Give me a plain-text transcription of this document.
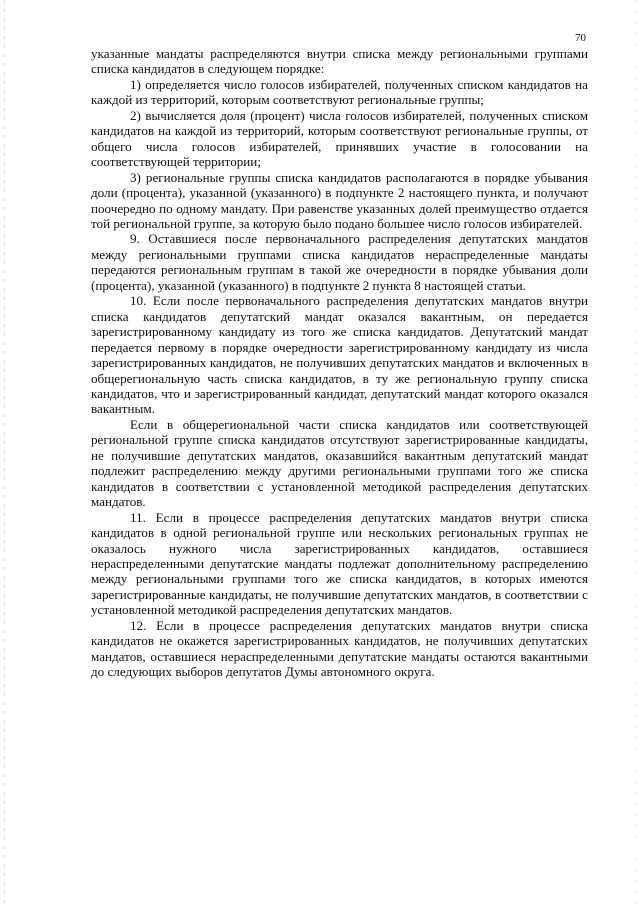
70

указанные мандаты распределяются внутри списка между региональными группами списка кандидатов в следующем порядке:

1) определяется число голосов избирателей, полученных списком кандидатов на каждой из территорий, которым соответствуют региональные группы;

2) вычисляется доля (процент) числа голосов избирателей, полученных списком кандидатов на каждой из территорий, которым соответствуют региональные группы, от общего числа голосов избирателей, принявших участие в голосовании на соответствующей территории;

3) региональные группы списка кандидатов располагаются в порядке убывания доли (процента), указанной (указанного) в подпункте 2 настоящего пункта, и получают поочередно по одному мандату. При равенстве указанных долей преимущество отдается той региональной группе, за которую было подано большее число голосов избирателей.

9. Оставшиеся после первоначального распределения депутатских мандатов между региональными группами списка кандидатов нераспределенные мандаты передаются региональным группам в такой же очередности в порядке убывания доли (процента), указанной (указанного) в подпункте 2 пункта 8 настоящей статьи.

10. Если после первоначального распределения депутатских мандатов внутри списка кандидатов депутатский мандат оказался вакантным, он передается зарегистрированному кандидату из того же списка кандидатов. Депутатский мандат передается первому в порядке очередности зарегистрированному кандидату из числа зарегистрированных кандидатов, не получивших депутатских мандатов и включенных в общерегиональную часть списка кандидатов, в ту же региональную группу списка кандидатов, что и зарегистрированный кандидат, депутатский мандат которого оказался вакантным.

Если в общерегиональной части списка кандидатов или соответствующей региональной группе списка кандидатов отсутствуют зарегистрированные кандидаты, не получившие депутатских мандатов, оказавшийся вакантным депутатский мандат подлежит распределению между другими региональными группами того же списка кандидатов в соответствии с установленной методикой распределения депутатских мандатов.

11. Если в процессе распределения депутатских мандатов внутри списка кандидатов в одной региональной группе или нескольких региональных группах не оказалось нужного числа зарегистрированных кандидатов, оставшиеся нераспределенными депутатские мандаты подлежат дополнительному распределению между региональными группами того же списка кандидатов, в которых имеются зарегистрированные кандидаты, не получившие депутатских мандатов, в соответствии с установленной методикой распределения депутатских мандатов.

12. Если в процессе распределения депутатских мандатов внутри списка кандидатов не окажется зарегистрированных кандидатов, не получивших депутатских мандатов, оставшиеся нераспределенными депутатские мандаты остаются вакантными до следующих выборов депутатов Думы автономного округа.
